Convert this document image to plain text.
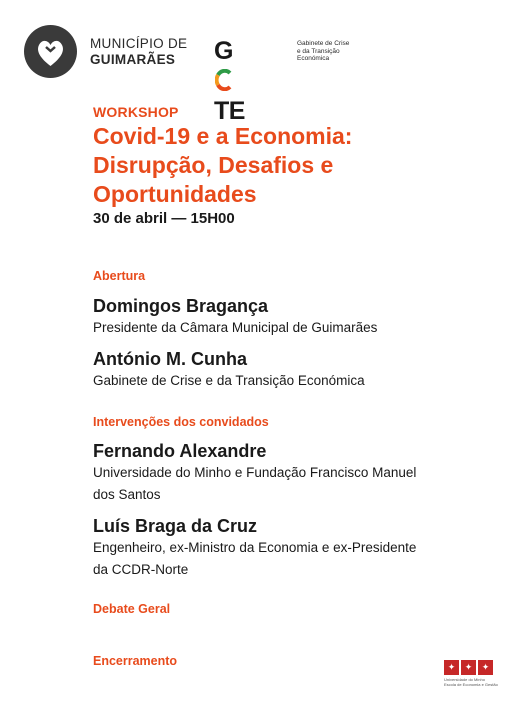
MUNICÍPIO DE
GUIMARÃES	GTE
Gabinete de Crise
e da Transição
Económica

WORKSHOP

Covid-19 e a Economia:
Disrupção, Desafios e
Oportunidades
30 de abril — 15H00
Abertura
Domingos Bragança
Presidente da Câmara Municipal de Guimarães
António M. Cunha
Gabinete de Crise e da Transição Económica
Intervenções dos convidados
Fernando Alexandre
Universidade do Minho e Fundação Francisco Manuel
dos Santos
Luís Braga da Cruz
Engenheiro, ex-Ministro da Economia e ex-Presidente
da CCDR-Norte
Debate Geral
Encerramento	✦	✦	✦
Universidade do Minho
Escola de Economia e Gestão
